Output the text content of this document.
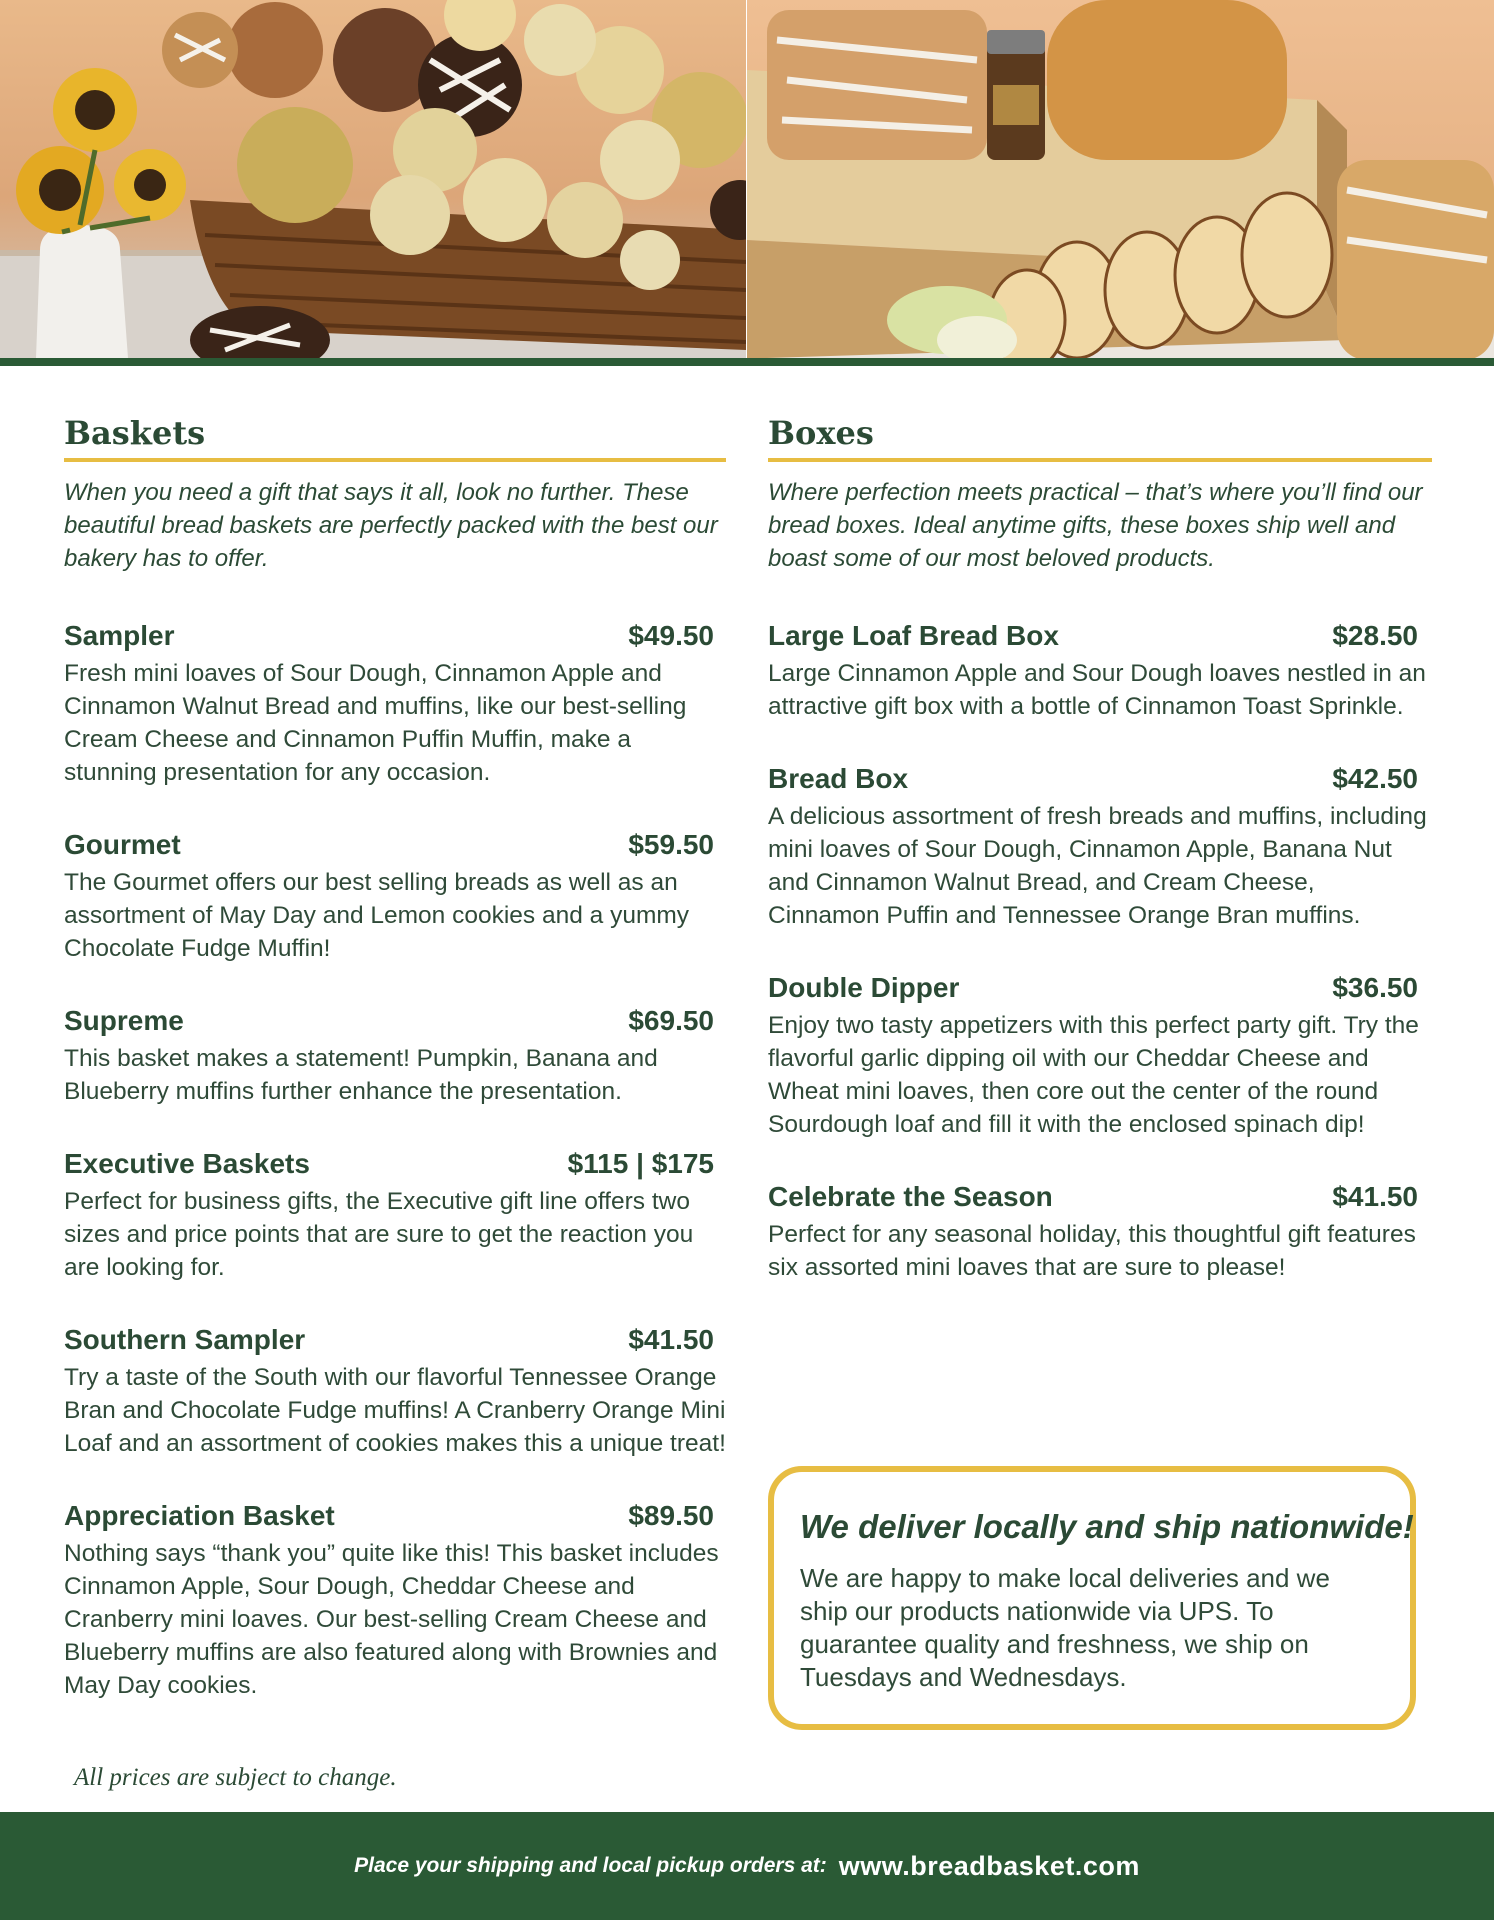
Baskets

When you need a gift that says it all, look no further. These beautiful bread baskets are perfectly packed with the best our bakery has to offer.

Sampler	$49.50

Fresh mini loaves of Sour Dough, Cinnamon Apple and Cinnamon Walnut Bread and muffins, like our best-selling Cream Cheese and Cinnamon Puffin Muffin, make a stunning presentation for any occasion.

Gourmet	$59.50

The Gourmet offers our best selling breads as well as an assortment of May Day and Lemon cookies and a yummy Chocolate Fudge Muffin!

Supreme	$69.50

This basket makes a statement! Pumpkin, Banana and Blueberry muffins further enhance the presentation.

Executive Baskets	$115 | $175

Perfect for business gifts, the Executive gift line offers two sizes and price points that are sure to get the reaction you are looking for.

Southern Sampler	$41.50

Try a taste of the South with our flavorful Tennessee Orange Bran and Chocolate Fudge muffins! A Cranberry Orange Mini Loaf and an assortment of cookies makes this a unique treat!

Appreciation Basket	$89.50

Nothing says “thank you” quite like this! This basket includes Cinnamon Apple, Sour Dough, Cheddar Cheese and Cranberry mini loaves. Our best-selling Cream Cheese and Blueberry muffins are also featured along with Brownies and May Day cookies.

All prices are subject to change.
Boxes

Where perfection meets practical – that’s where you’ll find our bread boxes. Ideal anytime gifts, these boxes ship well and boast some of our most beloved products.

Large Loaf Bread Box	$28.50

Large Cinnamon Apple and Sour Dough loaves nestled in an attractive gift box with a bottle of Cinnamon Toast Sprinkle.

Bread Box	$42.50

A delicious assortment of fresh breads and muffins, including mini loaves of Sour Dough, Cinnamon Apple, Banana Nut and Cinnamon Walnut Bread, and Cream Cheese, Cinnamon Puffin and Tennessee Orange Bran muffins.

Double Dipper	$36.50

Enjoy two tasty appetizers with this perfect party gift. Try the flavorful garlic dipping oil with our Cheddar Cheese and Wheat mini loaves, then core out the center of the round Sourdough loaf and fill it with the enclosed spinach dip!

Celebrate the Season	$41.50

Perfect for any seasonal holiday, this thoughtful gift features six assorted mini loaves that are sure to please!

We deliver locally and ship nationwide!

We are happy to make local deliveries and we ship our products nationwide via UPS. To guarantee quality and freshness, we ship on Tuesdays and Wednesdays.

Place your shipping and local pickup orders at: www.breadbasket.com
